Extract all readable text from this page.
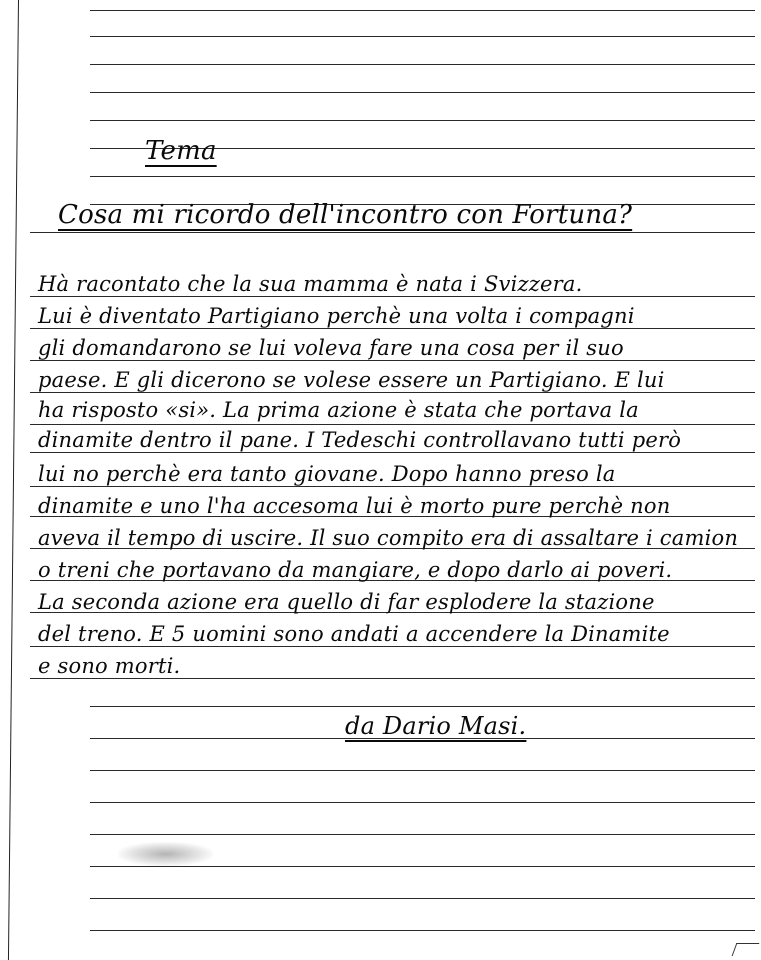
Tema
Cosa mi ricordo dell'incontro con Fortuna?
Hà racontato che la sua mamma è nata i Svizzera.
Lui è diventato Partigiano perchè una volta i compagni
gli domandarono se lui voleva fare una cosa per il suo
paese. E gli dicerono se volese essere un Partigiano. E lui
ha risposto «si». La prima azione è stata che portava la
dinamite dentro il pane. I Tedeschi controllavano tutti però
lui no perchè era tanto giovane. Dopo hanno preso la
dinamite e uno l'ha accesoma lui è morto pure perchè non
aveva il tempo di uscire. Il suo compito era di assaltare i camion
o treni che portavano da mangiare, e dopo darlo ai poveri.
La seconda azione era quello di far esplodere la stazione
del treno. E 5 uomini sono andati a accendere la Dinamite
e sono morti.
da Dario Masi.
